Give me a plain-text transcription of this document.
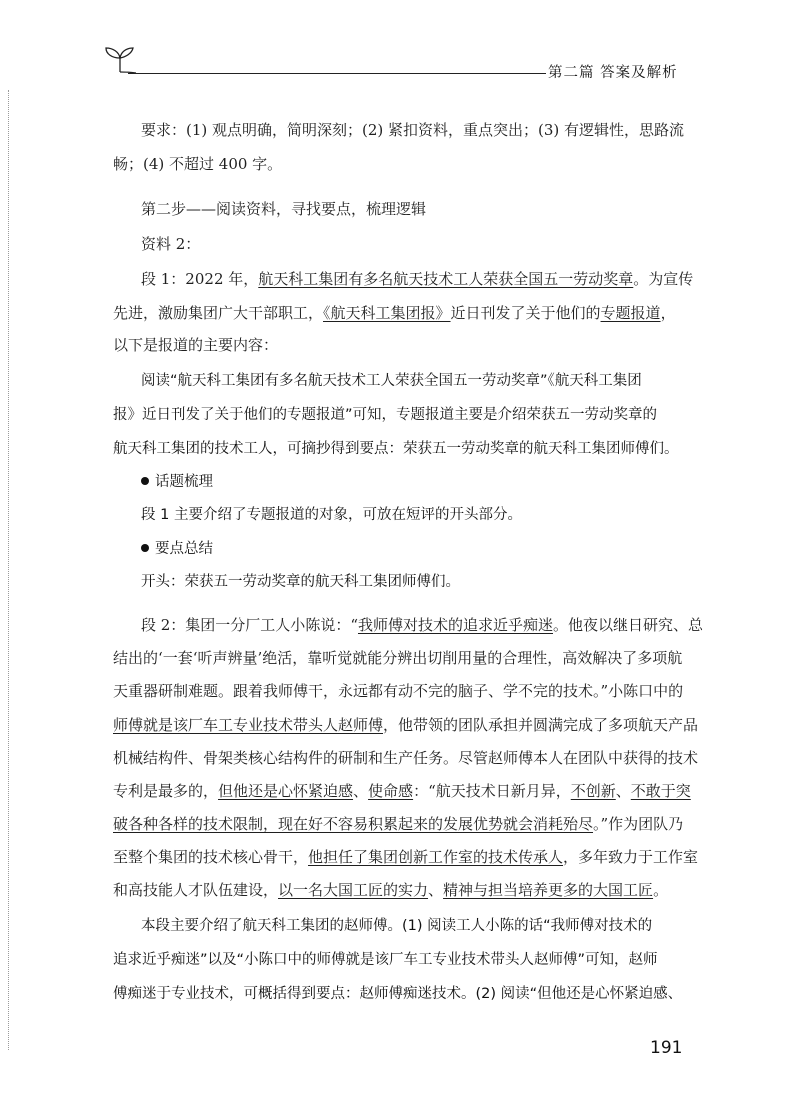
第二篇 答案及解析
要求：(1) 观点明确，简明深刻；(2) 紧扣资料，重点突出；(3) 有逻辑性，思路流
畅；(4) 不超过 400 字。
第二步——阅读资料，寻找要点，梳理逻辑
资料 2：
段 1：2022 年，航天科工集团有多名航天技术工人荣获全国五一劳动奖章。为宣传
先进，激励集团广大干部职工，《航天科工集团报》近日刊发了关于他们的专题报道，
以下是报道的主要内容：
阅读“航天科工集团有多名航天技术工人荣获全国五一劳动奖章”《航天科工集团
报》近日刊发了关于他们的专题报道”可知，专题报道主要是介绍荣获五一劳动奖章的
航天科工集团的技术工人，可摘抄得到要点：荣获五一劳动奖章的航天科工集团师傅们。
话题梳理
段 1 主要介绍了专题报道的对象，可放在短评的开头部分。
要点总结
开头：荣获五一劳动奖章的航天科工集团师傅们。
段 2：集团一分厂工人小陈说：“我师傅对技术的追求近乎痴迷。他夜以继日研究、总
结出的‘一套‘听声辨量’绝活，靠听觉就能分辨出切削用量的合理性，高效解决了多项航
天重器研制难题。跟着我师傅干，永远都有动不完的脑子、学不完的技术。”小陈口中的
师傅就是该厂车工专业技术带头人赵师傅，他带领的团队承担并圆满完成了多项航天产品
机械结构件、骨架类核心结构件的研制和生产任务。尽管赵师傅本人在团队中获得的技术
专利是最多的，但他还是心怀紧迫感、使命感：“航天技术日新月异，不创新、不敢于突
破各种各样的技术限制，现在好不容易积累起来的发展优势就会消耗殆尽。”作为团队乃
至整个集团的技术核心骨干，他担任了集团创新工作室的技术传承人，多年致力于工作室
和高技能人才队伍建设，以一名大国工匠的实力、精神与担当培养更多的大国工匠。
本段主要介绍了航天科工集团的赵师傅。(1) 阅读工人小陈的话“我师傅对技术的
追求近乎痴迷”以及“小陈口中的师傅就是该厂车工专业技术带头人赵师傅”可知，赵师
傅痴迷于专业技术，可概括得到要点：赵师傅痴迷技术。(2) 阅读“但他还是心怀紧迫感、
191
